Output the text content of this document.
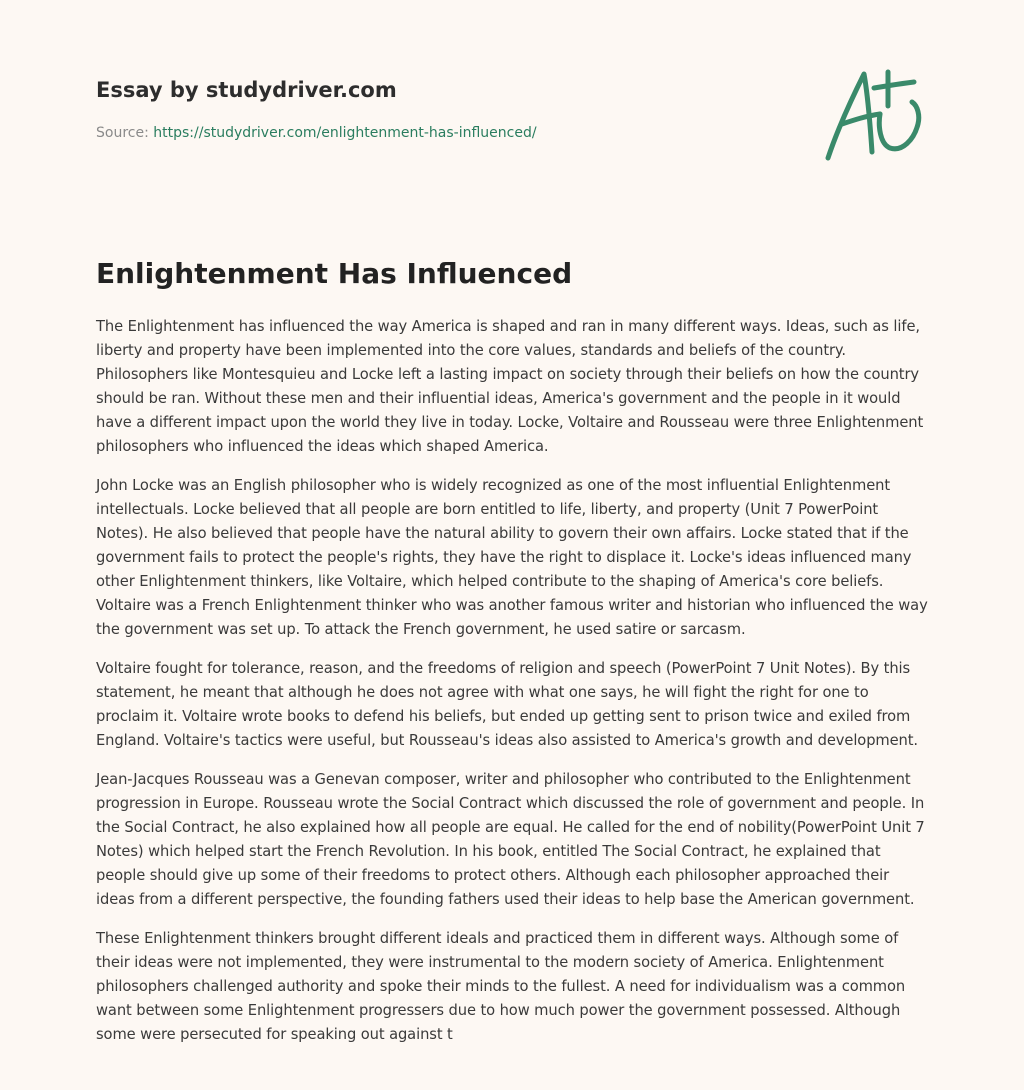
Essay by studydriver.com
Source: https://studydriver.com/enlightenment-has-influenced/
Enlightenment Has Influenced

The Enlightenment has influenced the way America is shaped and ran in many different ways. Ideas, such as life, liberty and property have been implemented into the core values, standards and beliefs of the country. Philosophers like Montesquieu and Locke left a lasting impact on society through their beliefs on how the country should be ran. Without these men and their influential ideas, America's government and the people in it would have a different impact upon the world they live in today. Locke, Voltaire and Rousseau were three Enlightenment philosophers who influenced the ideas which shaped America.

John Locke was an English philosopher who is widely recognized as one of the most influential Enlightenment intellectuals. Locke believed that all people are born entitled to life, liberty, and property (Unit 7 PowerPoint Notes). He also believed that people have the natural ability to govern their own affairs. Locke stated that if the government fails to protect the people's rights, they have the right to displace it. Locke's ideas influenced many other Enlightenment thinkers, like Voltaire, which helped contribute to the shaping of America's core beliefs. Voltaire was a French Enlightenment thinker who was another famous writer and historian who influenced the way the government was set up. To attack the French government, he used satire or sarcasm.

Voltaire fought for tolerance, reason, and the freedoms of religion and speech (PowerPoint 7 Unit Notes). By this statement, he meant that although he does not agree with what one says, he will fight the right for one to proclaim it. Voltaire wrote books to defend his beliefs, but ended up getting sent to prison twice and exiled from England. Voltaire's tactics were useful, but Rousseau's ideas also assisted to America's growth and development.

Jean-Jacques Rousseau was a Genevan composer, writer and philosopher who contributed to the Enlightenment progression in Europe. Rousseau wrote the Social Contract which discussed the role of government and people. In the Social Contract, he also explained how all people are equal. He called for the end of nobility(PowerPoint Unit 7 Notes) which helped start the French Revolution. In his book, entitled The Social Contract, he explained that people should give up some of their freedoms to protect others. Although each philosopher approached their ideas from a different perspective, the founding fathers used their ideas to help base the American government.

These Enlightenment thinkers brought different ideals and practiced them in different ways. Although some of their ideas were not implemented, they were instrumental to the modern society of America. Enlightenment philosophers challenged authority and spoke their minds to the fullest. A need for individualism was a common want between some Enlightenment progressers due to how much power the government possessed. Although some were persecuted for speaking out against t
